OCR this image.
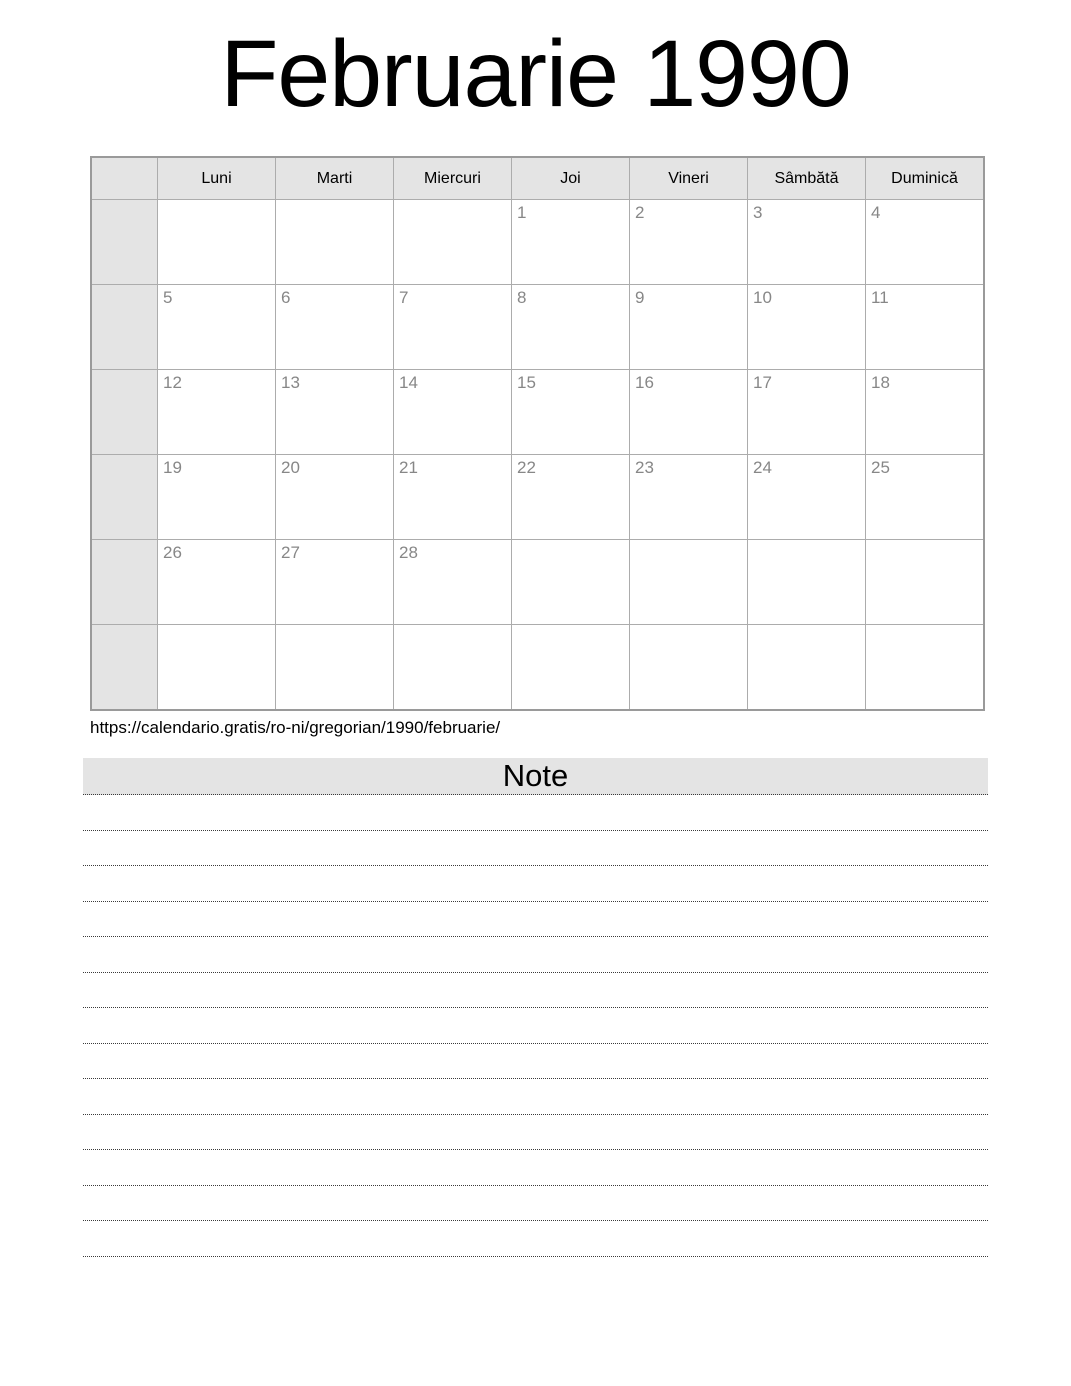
Februarie 1990
	Luni	Marti	Miercuri	Joi	Vineri	Sâmbătă	Duminică
				1	2	3	4
	5	6	7	8	9	10	11
	12	13	14	15	16	17	18
	19	20	21	22	23	24	25
	26	27	28				

https://calendario.gratis/ro-ni/gregorian/1990/februarie/
Note
